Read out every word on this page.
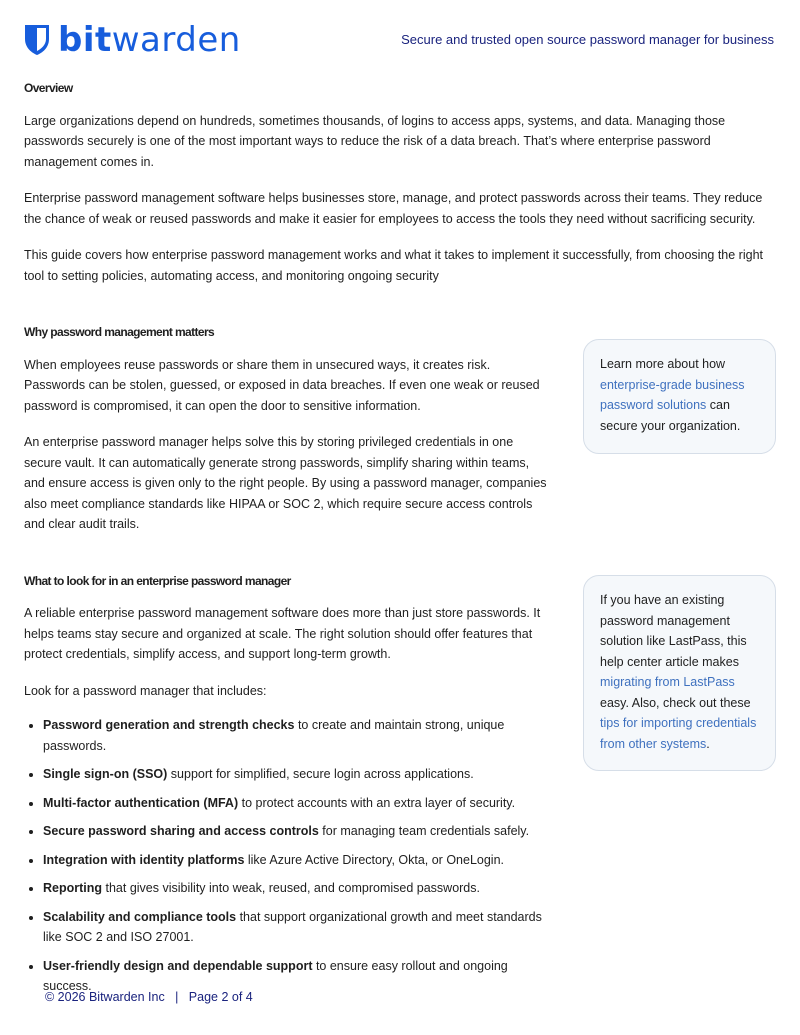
bitwarden	Secure and trusted open source password manager for business
Overview

Large organizations depend on hundreds, sometimes thousands, of logins to access apps, systems, and data. Managing those passwords securely is one of the most important ways to reduce the risk of a data breach. That’s where enterprise password management comes in.

Enterprise password management software helps businesses store, manage, and protect passwords across their teams. They reduce the chance of weak or reused passwords and make it easier for employees to access the tools they need without sacrificing security.

This guide covers how enterprise password management works and what it takes to implement it successfully, from choosing the right tool to setting policies, automating access, and monitoring ongoing security

Why password management matters

When employees reuse passwords or share them in unsecured ways, it creates risk. Passwords can be stolen, guessed, or exposed in data breaches. If even one weak or reused password is compromised, it can open the door to sensitive information.

An enterprise password manager helps solve this by storing privileged credentials in one secure vault. It can automatically generate strong passwords, simplify sharing within teams, and ensure access is given only to the right people. By using a password manager, companies also meet compliance standards like HIPAA or SOC 2, which require secure access controls and clear audit trails.

What to look for in an enterprise password manager

A reliable enterprise password management software does more than just store passwords. It helps teams stay secure and organized at scale. The right solution should offer features that protect credentials, simplify access, and support long-term growth.

Look for a password manager that includes:

• Password generation and strength checks to create and maintain strong, unique passwords.
• Single sign-on (SSO) support for simplified, secure login across applications.
• Multi-factor authentication (MFA) to protect accounts with an extra layer of security.
• Secure password sharing and access controls for managing team credentials safely.
• Integration with identity platforms like Azure Active Directory, Okta, or OneLogin.
• Reporting that gives visibility into weak, reused, and compromised passwords.
• Scalability and compliance tools that support organizational growth and meet standards like SOC 2 and ISO 27001.
• User-friendly design and dependable support to ensure easy rollout and ongoing success.
Learn more about how enterprise-grade business password solutions can secure your organization.
If you have an existing password management solution like LastPass, this help center article makes migrating from LastPass easy. Also, check out these tips for importing credentials from other systems.
© 2026 Bitwarden Inc   |   Page 2 of 4
